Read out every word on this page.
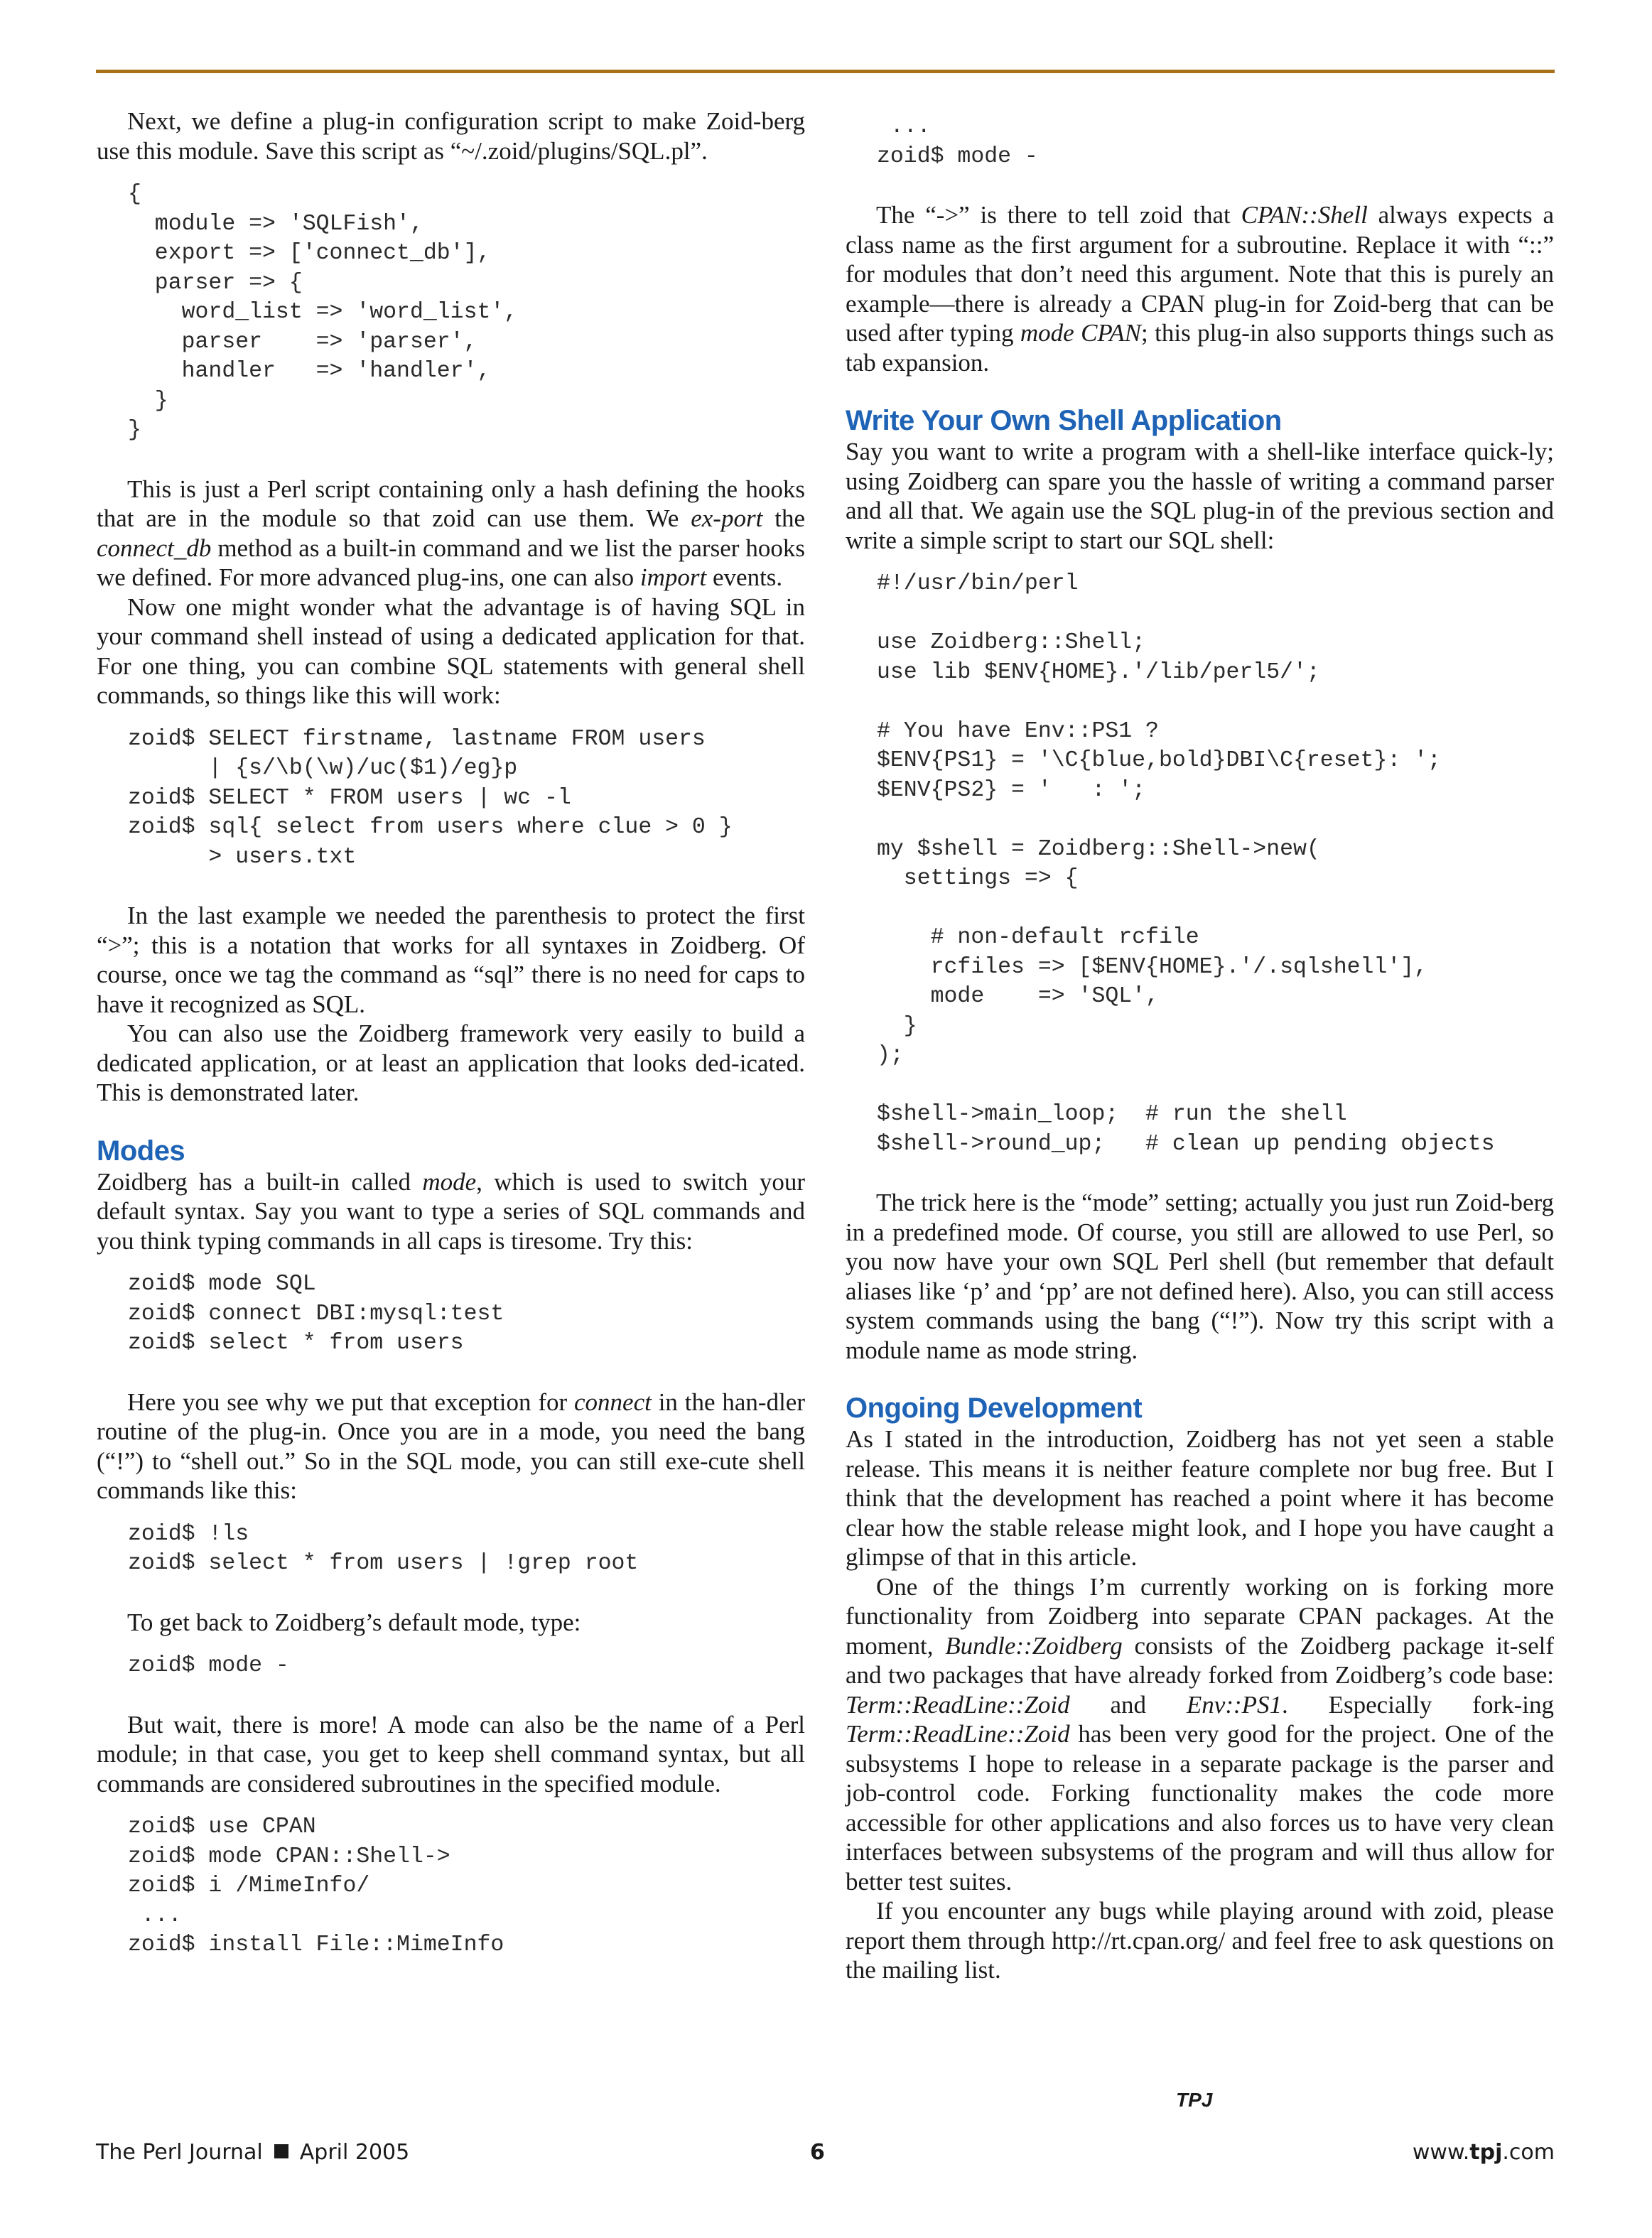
Next, we define a plug-in configuration script to make Zoid-berg use this module. Save this script as “~/.zoid/plugins/SQL.pl”.

{
module => 'SQLFish',
export => ['connect_db'],
parser => {
word_list => 'word_list',
parser    => 'parser',
handler   => 'handler',
}
}

This is just a Perl script containing only a hash defining the hooks that are in the module so that zoid can use them. We ex-port the connect_db method as a built-in command and we list the parser hooks we defined. For more advanced plug-ins, one can also import events.

Now one might wonder what the advantage is of having SQL in your command shell instead of using a dedicated application for that. For one thing, you can combine SQL statements with general shell commands, so things like this will work:

zoid$ SELECT firstname, lastname FROM users
| {s/\b(\w)/uc($1)/eg}p
zoid$ SELECT * FROM users | wc -l
zoid$ sql{ select from users where clue > 0 }
> users.txt

In the last example we needed the parenthesis to protect the first “>”; this is a notation that works for all syntaxes in Zoidberg. Of course, once we tag the command as “sql” there is no need for caps to have it recognized as SQL.

You can also use the Zoidberg framework very easily to build a dedicated application, or at least an application that looks ded-icated. This is demonstrated later.

Modes

Zoidberg has a built-in called mode, which is used to switch your default syntax. Say you want to type a series of SQL commands and you think typing commands in all caps is tiresome. Try this:

zoid$ mode SQL
zoid$ connect DBI:mysql:test
zoid$ select * from users

Here you see why we put that exception for connect in the han-dler routine of the plug-in. Once you are in a mode, you need the bang (“!”) to “shell out.” So in the SQL mode, you can still exe-cute shell commands like this:

zoid$ !ls
zoid$ select * from users | !grep root

To get back to Zoidberg’s default mode, type:

zoid$ mode -

But wait, there is more! A mode can also be the name of a Perl module; in that case, you get to keep shell command syntax, but all commands are considered subroutines in the specified module.

zoid$ use CPAN
zoid$ mode CPAN::Shell->
zoid$ i /MimeInfo/
...
zoid$ install File::MimeInfo
...
zoid$ mode -

The “->” is there to tell zoid that CPAN::Shell always expects a class name as the first argument for a subroutine. Replace it with “::” for modules that don’t need this argument. Note that this is purely an example—there is already a CPAN plug-in for Zoid-berg that can be used after typing mode CPAN; this plug-in also supports things such as tab expansion.

Write Your Own Shell Application

Say you want to write a program with a shell-like interface quick-ly; using Zoidberg can spare you the hassle of writing a command parser and all that. We again use the SQL plug-in of the previous section and write a simple script to start our SQL shell:

#!/usr/bin/perl

use Zoidberg::Shell;
use lib $ENV{HOME}.'/lib/perl5/';

# You have Env::PS1 ?
$ENV{PS1} = '\C{blue,bold}DBI\C{reset}: ';
$ENV{PS2} = '   : ';

my $shell = Zoidberg::Shell->new(
settings => {

# non-default rcfile
rcfiles => [$ENV{HOME}.'/.sqlshell'],
mode    => 'SQL',
}
);

$shell->main_loop;  # run the shell
$shell->round_up;   # clean up pending objects

The trick here is the “mode” setting; actually you just run Zoid-berg in a predefined mode. Of course, you still are allowed to use Perl, so you now have your own SQL Perl shell (but remember that default aliases like ‘p’ and ‘pp’ are not defined here). Also, you can still access system commands using the bang (“!”). Now try this script with a module name as mode string.

Ongoing Development

As I stated in the introduction, Zoidberg has not yet seen a stable release. This means it is neither feature complete nor bug free. But I think that the development has reached a point where it has become clear how the stable release might look, and I hope you have caught a glimpse of that in this article.

One of the things I’m currently working on is forking more functionality from Zoidberg into separate CPAN packages. At the moment, Bundle::Zoidberg consists of the Zoidberg package it-self and two packages that have already forked from Zoidberg’s code base: Term::ReadLine::Zoid and Env::PS1. Especially fork-ing Term::ReadLine::Zoid has been very good for the project. One of the subsystems I hope to release in a separate package is the parser and job-control code. Forking functionality makes the code more accessible for other applications and also forces us to have very clean interfaces between subsystems of the program and will thus allow for better test suites.

If you encounter any bugs while playing around with zoid, please report them through http://rt.cpan.org/ and feel free to ask questions on the mailing list.

TPJ
The Perl Journal April 2005	6	www.tpj.com
